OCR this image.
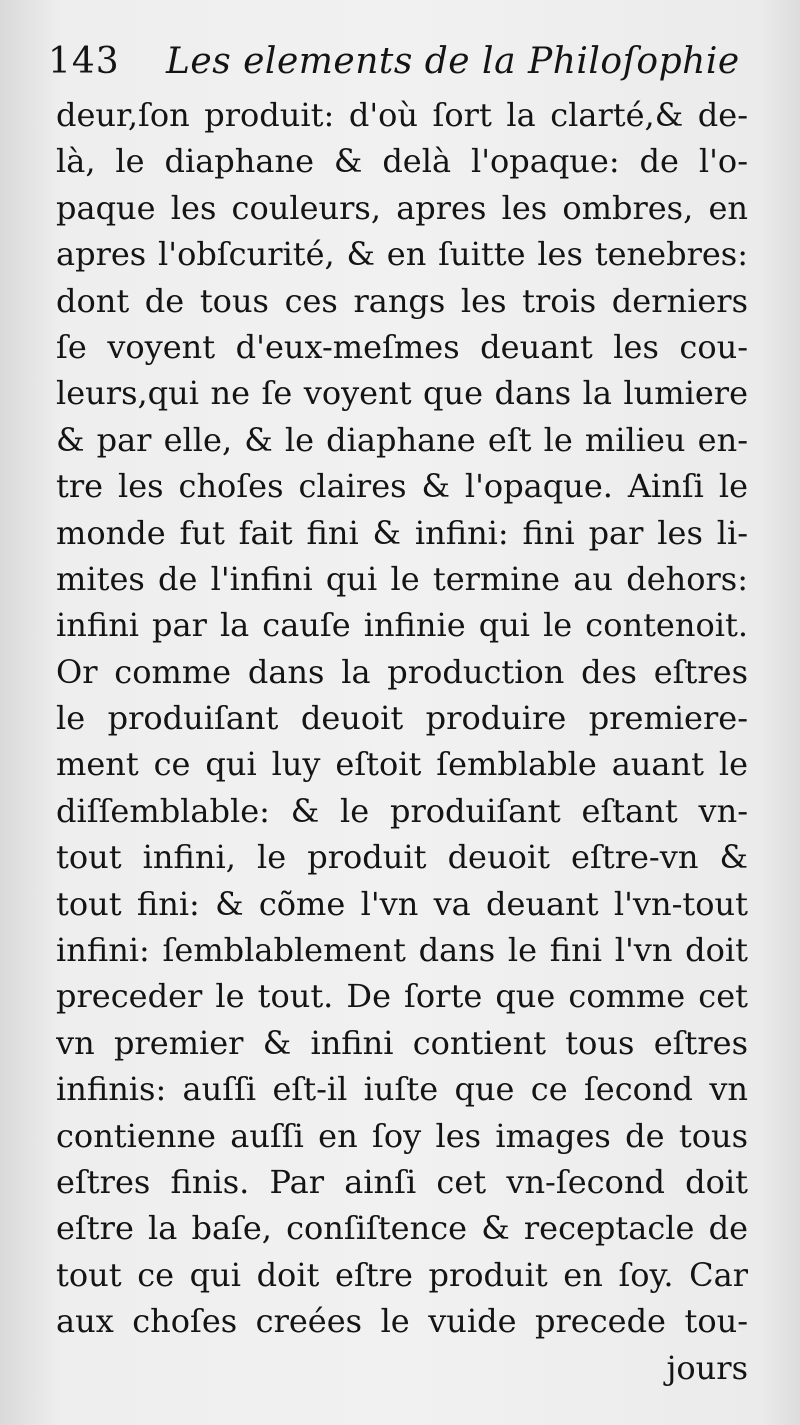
143 Les elements de la Philoſophie
deur,ſon produit: d'où ſort la clarté,& de-
là, le diaphane & delà l'opaque: de l'o-
paque les couleurs, apres les ombres, en
apres l'obſcurité, & en ſuitte les tenebres:
dont de tous ces rangs les trois derniers
ſe voyent d'eux-meſmes deuant les cou-
leurs,qui ne ſe voyent que dans la lumiere
& par elle, & le diaphane eſt le milieu en-
tre les choſes claires & l'opaque. Ainſi le
monde fut fait fini & infini: fini par les li-
mites de l'infini qui le termine au dehors:
infini par la cauſe infinie qui le contenoit.
Or comme dans la production des eſtres
le produiſant deuoit produire premiere-
ment ce qui luy eſtoit ſemblable auant le
diſſemblable: & le produiſant eſtant vn-
tout infini, le produit deuoit eſtre-vn &
tout fini: & cõme l'vn va deuant l'vn-tout
infini: ſemblablement dans le fini l'vn doit
preceder le tout. De ſorte que comme cet
vn premier & infini contient tous eſtres
infinis: auſſi eſt-il iuſte que ce ſecond vn
contienne auſſi en ſoy les images de tous
eſtres finis. Par ainſi cet vn-ſecond doit
eſtre la baſe, conſiſtence & receptacle de
tout ce qui doit eſtre produit en ſoy. Car
aux choſes creées le vuide precede tou-
jours
